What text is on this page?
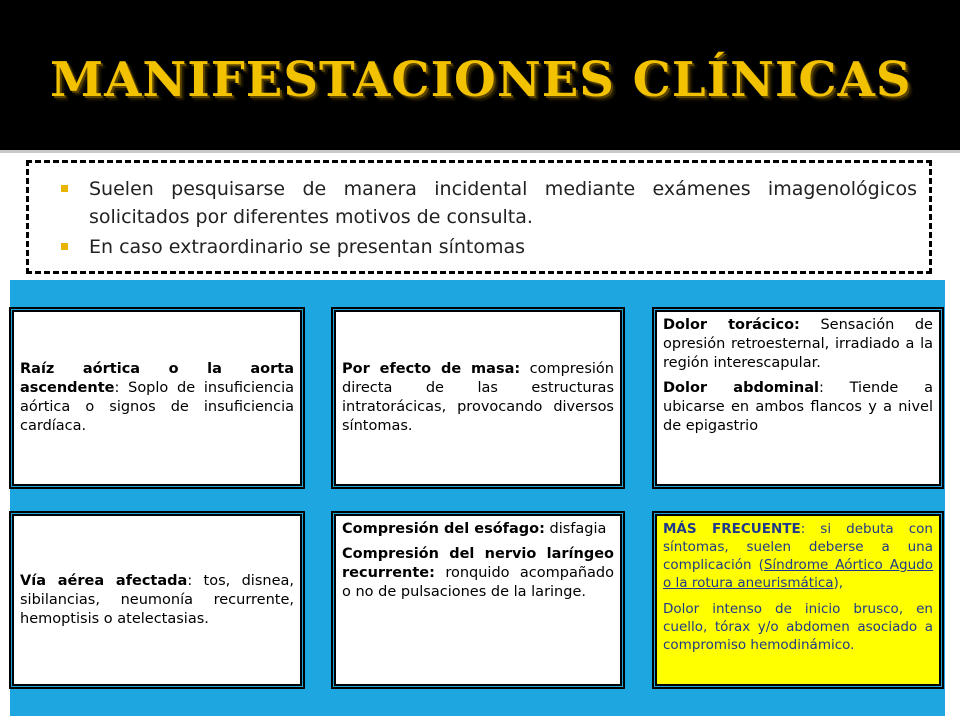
MANIFESTACIONES CLÍNICAS
Suelen pesquisarse de manera incidental mediante exámenes imagenológicos solicitados por diferentes motivos de consulta.
En caso extraordinario se presentan síntomas

Raíz aórtica o la aorta ascendente: Soplo de insuficiencia aórtica o signos de insuficiencia cardíaca.

Por efecto de masa: compresión directa de las estructuras intratorácicas, provocando diversos síntomas.

Dolor torácico: Sensación de opresión retroesternal, irradiado a la región interescapular.

Dolor abdominal: Tiende a ubicarse en ambos flancos y a nivel de epigastrio

Vía aérea afectada: tos, disnea, sibilancias, neumonía recurrente, hemoptisis o atelectasias.

Compresión del esófago: disfagia

Compresión del nervio laríngeo recurrente: ronquido acompañado o no de pulsaciones de la laringe.

MÁS FRECUENTE: si debuta con síntomas, suelen deberse a una complicación (Síndrome Aórtico Agudo o la rotura aneurismática),

Dolor intenso de inicio brusco, en cuello, tórax y/o abdomen asociado a compromiso hemodinámico.
